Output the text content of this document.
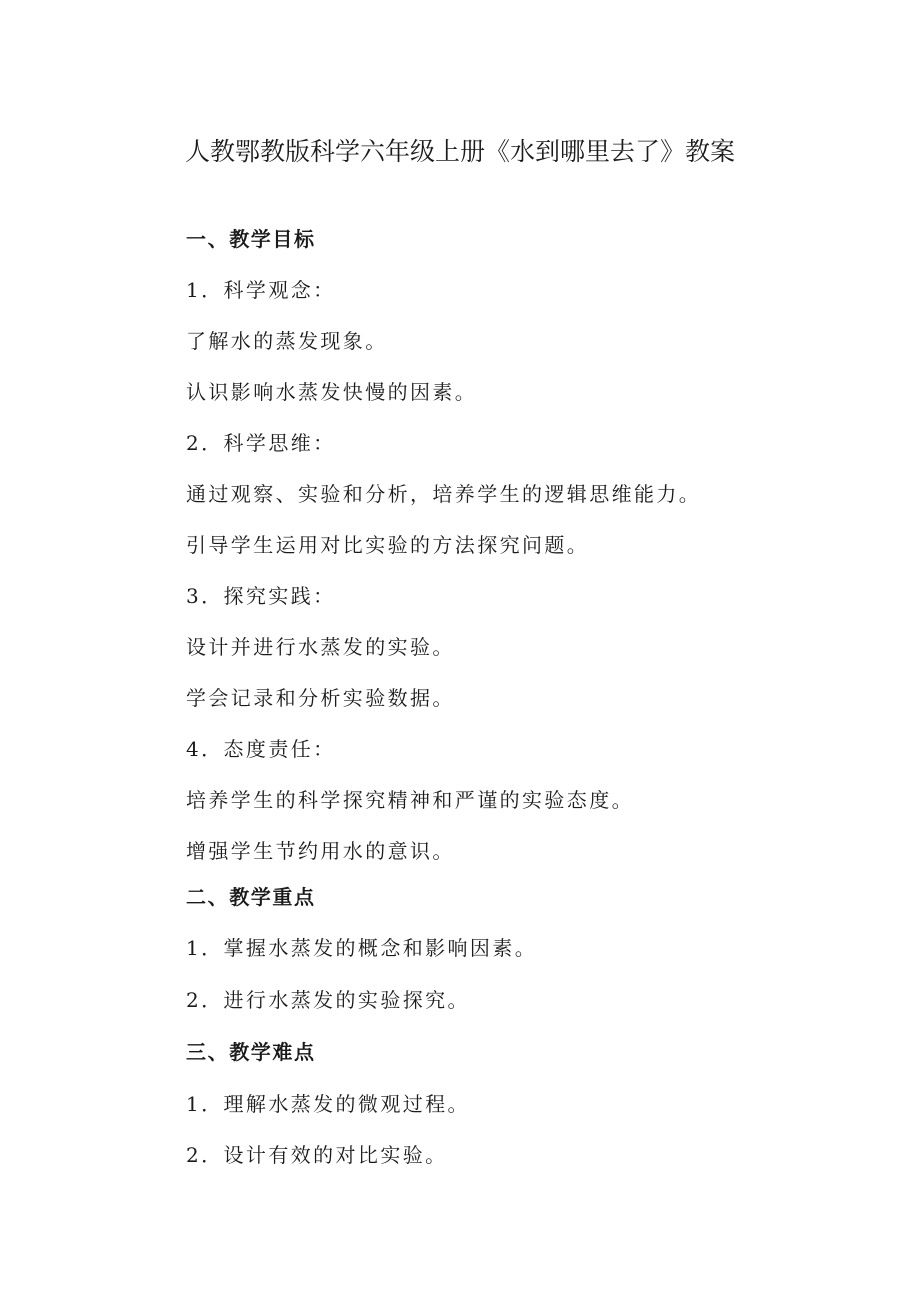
人教鄂教版科学六年级上册《水到哪里去了》教案
一、教学目标
1．科学观念：
了解水的蒸发现象。
认识影响水蒸发快慢的因素。
2．科学思维：
通过观察、实验和分析，培养学生的逻辑思维能力。
引导学生运用对比实验的方法探究问题。
3．探究实践：
设计并进行水蒸发的实验。
学会记录和分析实验数据。
4．态度责任：
培养学生的科学探究精神和严谨的实验态度。
增强学生节约用水的意识。
二、教学重点
1．掌握水蒸发的概念和影响因素。
2．进行水蒸发的实验探究。
三、教学难点
1．理解水蒸发的微观过程。
2．设计有效的对比实验。
